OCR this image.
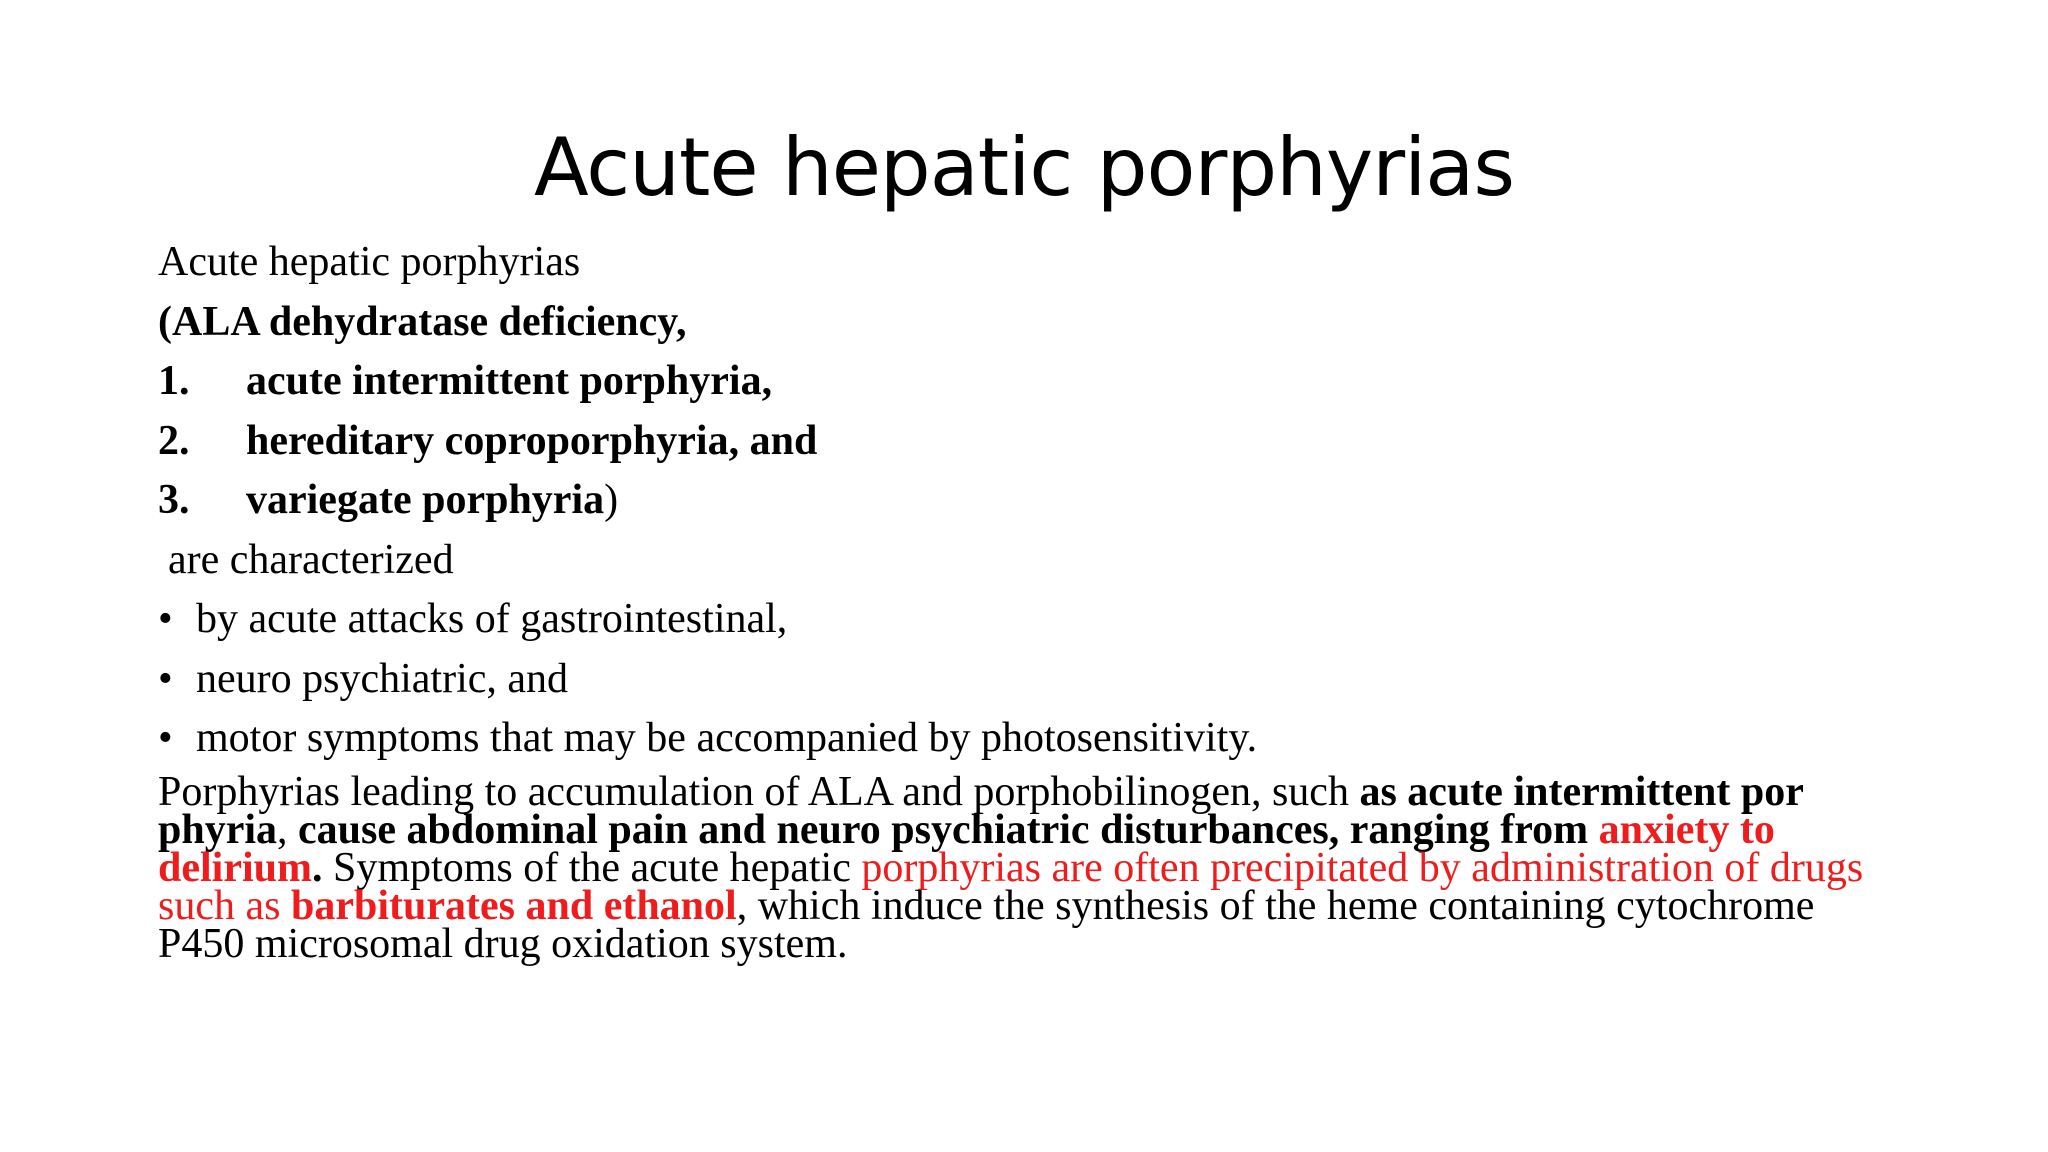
Acute hepatic porphyrias
Acute hepatic porphyrias
(ALA dehydratase deficiency,
1. acute intermittent porphyria,
2. hereditary coproporphyria, and
3. variegate porphyria)
are characterized
• by acute attacks of gastrointestinal,
• neuro psychiatric, and
• motor symptoms that may be accompanied by photosensitivity.
Porphyrias leading to accumulation of ALA and porphobilinogen, such as acute intermittent por phyria, cause abdominal pain and neuro psychiatric disturbances, ranging from anxiety to delirium. Symptoms of the acute hepatic porphyrias are often precipitated by administration of drugs such as barbiturates and ethanol, which induce the synthesis of the heme containing cytochrome P450 microsomal drug oxidation system.
